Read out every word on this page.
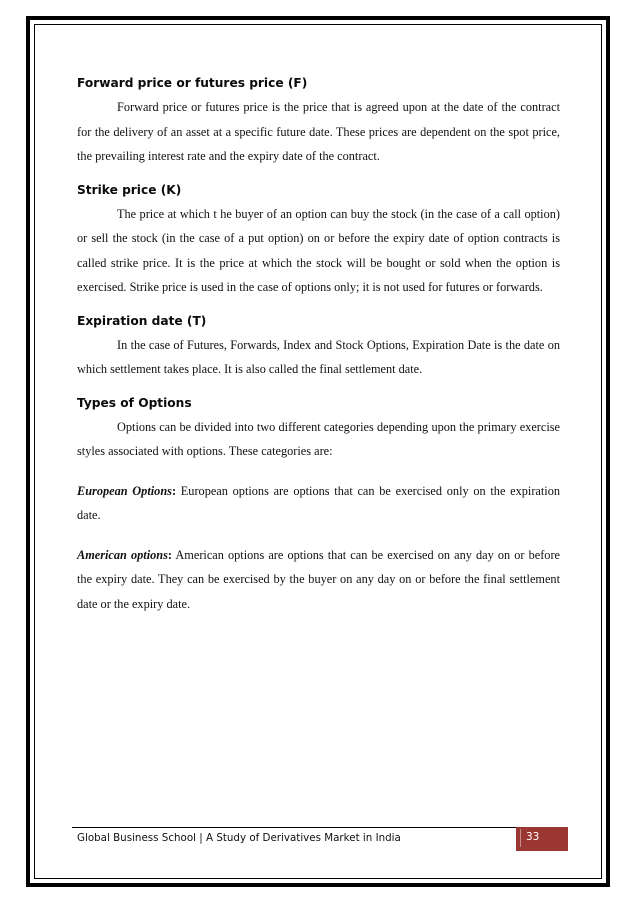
Forward price or futures price (F)

Forward price or futures price is the price that is agreed upon at the date of the contract for the delivery of an asset at a specific future date. These prices are dependent on the spot price, the prevailing interest rate and the expiry date of the contract.

Strike price (K)

The price at which t he buyer of an option can buy the stock (in the case of a call option) or sell the stock (in the case of a put option) on or before the expiry date of option contracts is called strike price. It is the price at which the stock will be bought or sold when the option is exercised. Strike price is used in the case of options only; it is not used for futures or forwards.

Expiration date (T)

In the case of Futures, Forwards, Index and Stock Options, Expiration Date is the date on which settlement takes place. It is also called the final settlement date.

Types of Options

Options can be divided into two different categories depending upon the primary exercise styles associated with options. These categories are:

European Options: European options are options that can be exercised only on the expiration date.

American options: American options are options that can be exercised on any day on or before the expiry date. They can be exercised by the buyer on any day on or before the final settlement date or the expiry date.

Global Business School | A Study of Derivatives Market in India	33
